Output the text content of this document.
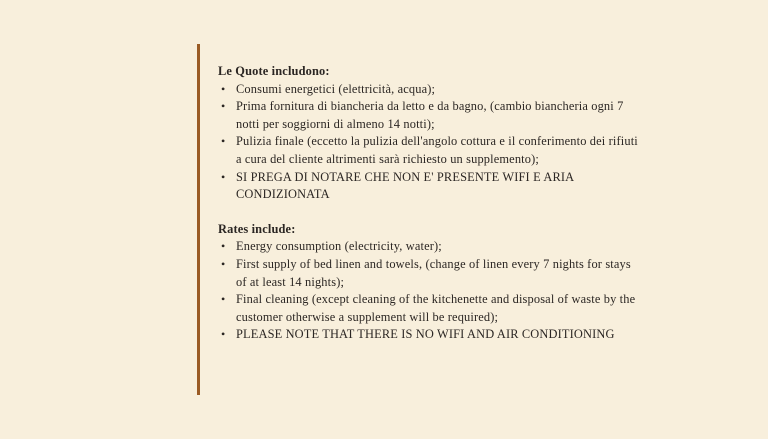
Le Quote includono:

• Consumi energetici (elettricità, acqua);
• Prima fornitura di biancheria da letto e da bagno, (cambio biancheria ogni 7 notti per soggiorni di almeno 14 notti);
• Pulizia finale (eccetto la pulizia dell'angolo cottura e il conferimento dei rifiuti a cura del cliente altrimenti sarà richiesto un supplemento);
• SI PREGA DI NOTARE CHE NON E' PRESENTE WIFI E ARIA CONDIZIONATA

Rates include:

• Energy consumption (electricity, water);
• First supply of bed linen and towels, (change of linen every 7 nights for stays of at least 14 nights);
• Final cleaning (except cleaning of the kitchenette and disposal of waste by the customer otherwise a supplement will be required);
• PLEASE NOTE THAT THERE IS NO WIFI AND AIR CONDITIONING
